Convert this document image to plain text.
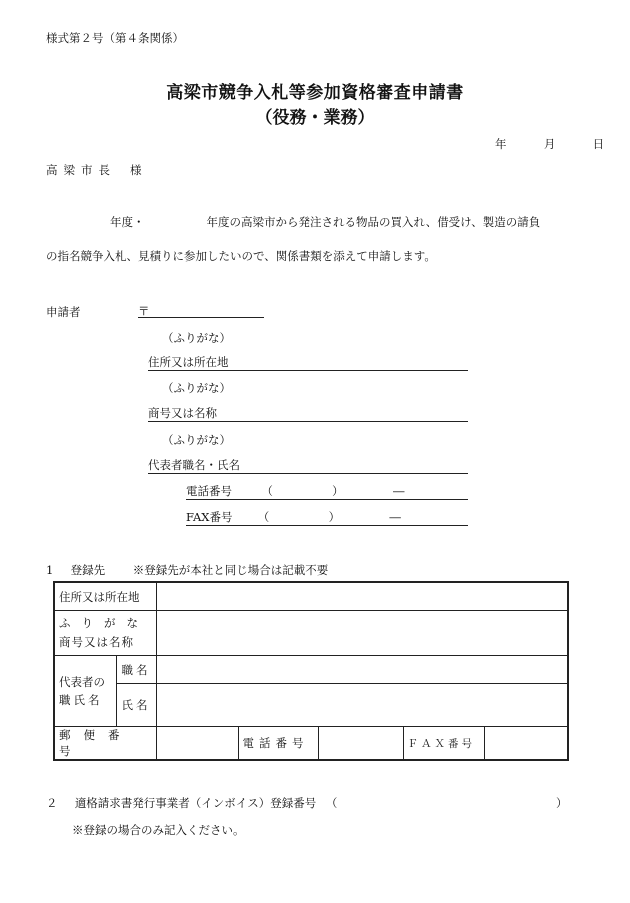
様式第２号（第４条関係）
高梁市競争入札等参加資格審査申請書
（役務・業務）
年	月	日
高梁市長 様
年度・	年度の高梁市から発注される物品の買入れ、借受け、製造の請負
の指名競争入札、見積りに参加したいので、関係書類を添えて申請します。
申請者	〒
（ふりがな）
住所又は所在地
（ふりがな）
商号又は名称
（ふりがな）
代表者職名・氏名
電話番号	（	）	―
FAX番号 （	）	―
1 登録先 ※登録先が本社と同じ場合は記載不要
住所又は所在地						

ふりがな
商号又は名称						

代表者の
職氏名	職名					
	氏名					
郵便番号			電話番号		ＦＡＸ番号	
２ 適格請求書発行事業者（インボイス）登録番号 （	）
※登録の場合のみ記入ください。
